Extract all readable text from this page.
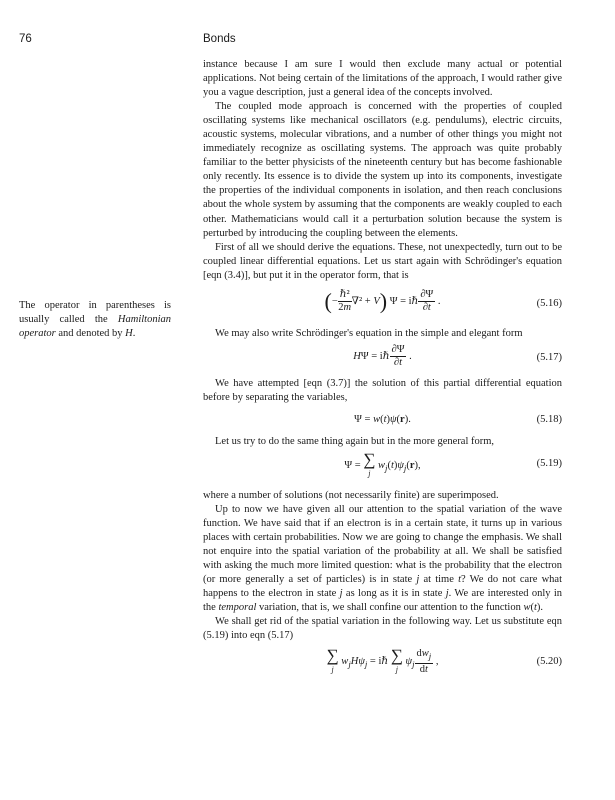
76	Bonds
The operator in parentheses is usually called the Hamiltonian operator and denoted by H.

instance because I am sure I would then exclude many actual or potential applications. Not being certain of the limitations of the approach, I would rather give you a vague description, just a general idea of the concepts involved.

The coupled mode approach is concerned with the properties of coupled oscillating systems like mechanical oscillators (e.g. pendulums), electric circuits, acoustic systems, molecular vibrations, and a number of other things you might not immediately recognize as oscillating systems. The approach was quite probably familiar to the better physicists of the nineteenth century but has become fashionable only recently. Its essence is to divide the system up into its components, investigate the properties of the individual components in isolation, and then reach conclusions about the whole system by assuming that the components are weakly coupled to each other. Mathematicians would call it a perturbation solution because the system is perturbed by introducing the coupling between the elements.

First of all we should derive the equations. These, not unexpectedly, turn out to be coupled linear differential equations. Let us start again with Schrödinger's equation [eqn (3.4)], but put it in the operator form, that is

(− $\frac{\text{ℏ²}}{2m} \nabla^2 + V$) Ψ = iℏ $\frac{\partial\Psi}{\partial t}$ .	(5.16)

We may also write Schrödinger's equation in the simple and elegant form

HΨ = iℏ $\frac{\partial\Psi}{\partial t}$ .	(5.17)

We have attempted [eqn (3.7)] the solution of this partial differential equation before by separating the variables,

Ψ = w(t)ψ(r).	(5.18)

Let us try to do the same thing again but in the more general form,

Ψ = ∑
j
$w_j(t)\psi_j(r)$,	(5.19)

where a number of solutions (not necessarily finite) are superimposed.

Up to now we have given all our attention to the spatial variation of the wave function. We have said that if an electron is in a certain state, it turns up in various places with certain probabilities. Now we are going to change the emphasis. We shall not enquire into the spatial variation of the probability at all. We shall be satisfied with asking the much more limited question: what is the probability that the electron (or more generally a set of particles) is in state j at time t? We do not care what happens to the electron in state j as long as it is in state j. We are interested only in the temporal variation, that is, we shall confine our attention to the function w(t).

We shall get rid of the spatial variation in the following way. Let us substitute eqn (5.19) into eqn (5.17)

∑
j
$w_jH\psi_j$ = iℏ ∑
j
$\psi_j \frac{dw_j}{dt}$ ,	(5.20)
